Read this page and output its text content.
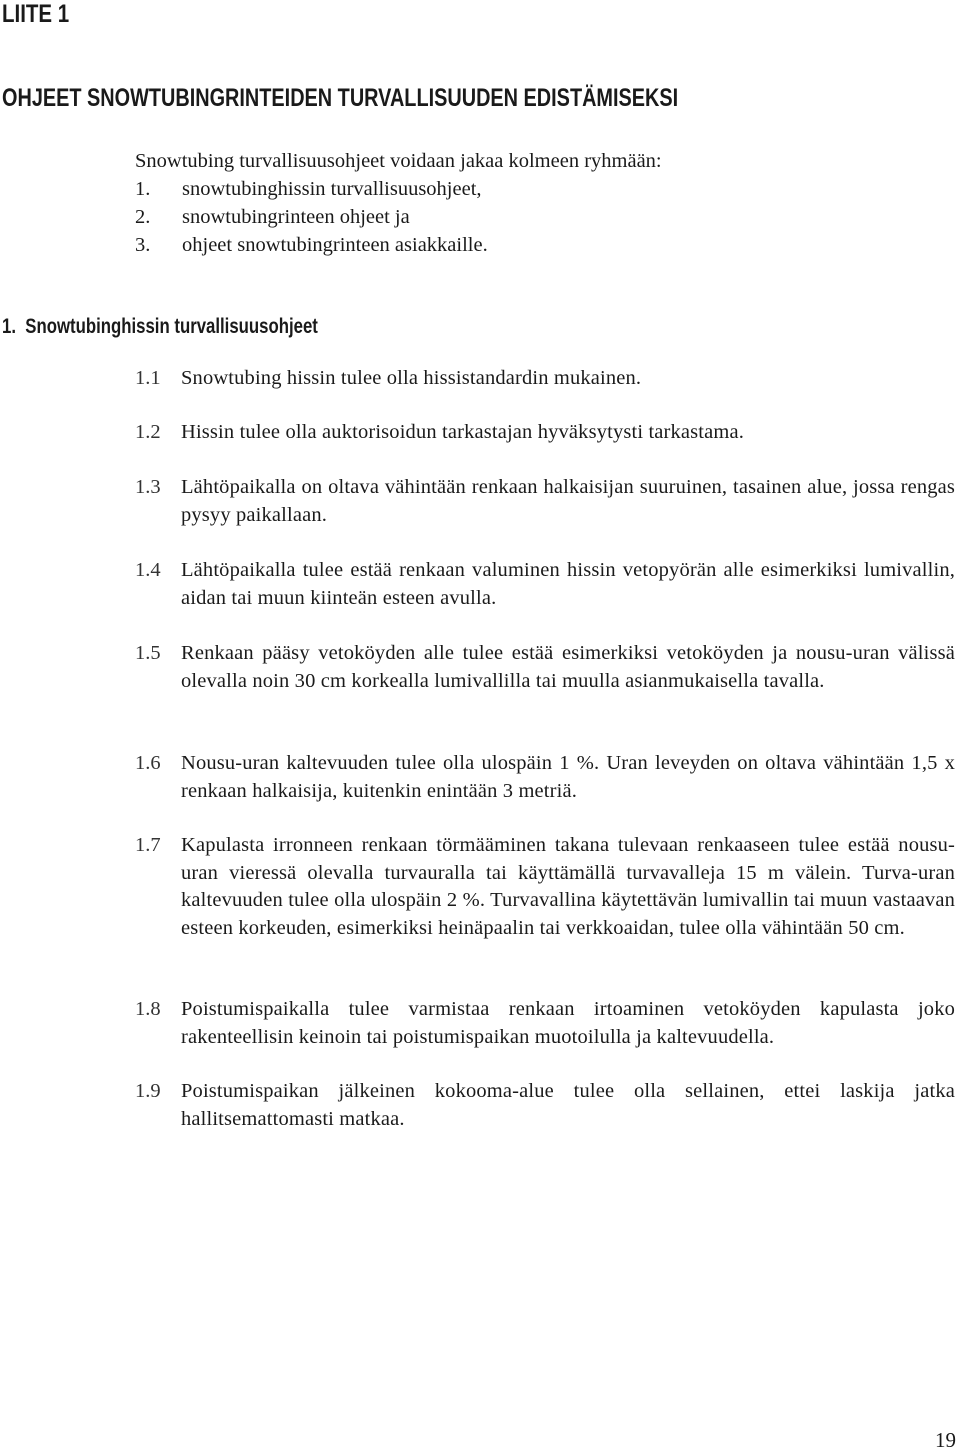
LIITE 1
OHJEET SNOWTUBINGRINTEIDEN TURVALLISUUDEN EDISTÄMISEKSI
Snowtubing turvallisuusohjeet voidaan jakaa kolmeen ryhmään:
1.	snowtubinghissin turvallisuusohjeet,
2.	snowtubingrinteen ohjeet ja
3.	ohjeet snowtubingrinteen asiakkaille.
1.  Snowtubinghissin turvallisuusohjeet
1.1 Snowtubing hissin tulee olla hissistandardin mukainen.
1.2 Hissin tulee olla auktorisoidun tarkastajan hyväksytysti tarkastama.
1.3 Lähtöpaikalla on oltava vähintään renkaan halkaisijan suuruinen, tasainen alue, jossa rengas pysyy paikallaan.
1.4 Lähtöpaikalla tulee estää renkaan valuminen hissin vetopyörän alle esimerkiksi lumivallin, aidan tai muun kiinteän esteen avulla.
1.5 Renkaan pääsy vetoköyden alle tulee estää esimerkiksi vetoköyden ja nousu-uran välissä olevalla noin 30 cm korkealla lumivallilla tai muulla asianmukaisella tavalla.
1.6 Nousu-uran kaltevuuden tulee olla ulospäin 1 %. Uran leveyden on oltava vähintään 1,5 x renkaan halkaisija, kuitenkin enintään 3 metriä.
1.7 Kapulasta irronneen renkaan törmääminen takana tulevaan renkaaseen tulee estää nousu-uran vieressä olevalla turvauralla tai käyttämällä turvavalleja 15 m välein. Turva-uran kaltevuuden tulee olla ulospäin 2 %. Turvavallina käytettävän lumivallin tai muun vastaavan esteen korkeuden, esimerkiksi heinäpaalin tai verkkoaidan, tulee olla vähintään 50 cm.
1.8 Poistumispaikalla tulee varmistaa renkaan irtoaminen vetoköyden kapulasta joko rakenteellisin keinoin tai poistumispaikan muotoilulla ja kaltevuudella.
1.9 Poistumispaikan jälkeinen kokooma-alue tulee olla sellainen, ettei laskija jatka hallitsemattomasti matkaa.
19
